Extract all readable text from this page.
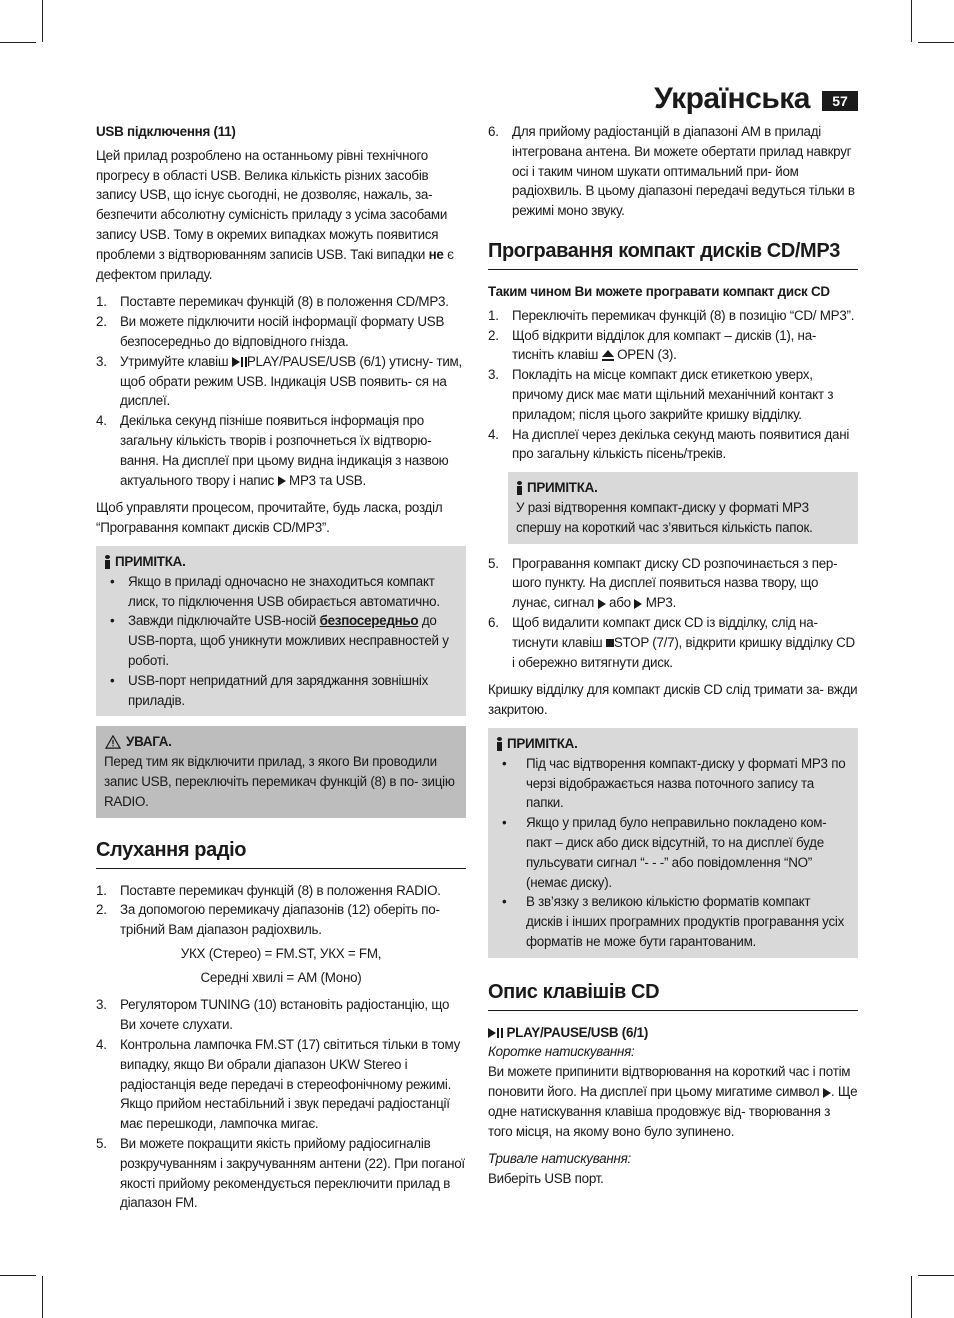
Українська	57

USB підключення (11)

Цей прилад розроблено на останньому рівні технічного прогресу в області USB. Велика кількість різних засобів запису USB, що існує сьогодні, не дозволяє, нажаль, за- безпечити абсолютну сумісність приладу з усіма засобами запису USB. Тому в окремих випадках можуть появитися проблеми з відтворюванням записів USB. Такі випадки не є дефектом приладу.

1. Поставте перемикач функцій (8) в положення CD/MP3.
2. Ви можете підключити носій інформації формату USB безпосередньо до відповідного гнізда.
3. Утримуйте клавіш PLAY/PAUSE/USB (6/1) утисну- тим, щоб обрати режим USB. Індикація USB появить- ся на дисплеї.
4. Декілька секунд пізніше появиться інформація про загальну кількість творів і розпочнеться їх відтворю- вання. На дисплеї при цьому видна індикація з назвою актуального твору і напис  MP3 та USB.

Щоб управляти процесом, прочитайте, будь ласка, розділ “Програвання компакт дисків CD/MP3”.

ПРИМІТКА.
• Якщо в приладі одночасно не знаходиться компакт лиск, то підключення USB обирається автоматично.
• Завжди підключайте USB-носій безпосередньо до USB-порта, щоб уникнути можливих несправностей у роботі.
• USB-порт непридатний для заряджання зовнішніх приладів.
УВАГА.
Перед тим як відключити прилад, з якого Ви проводили запис USB, переключіть перемикач функцій (8) в по- зицію RADIO.
Слухання радіо
1. Поставте перемикач функцій (8) в положення RADIO.
2. За допомогою перемикачу діапазонів (12) оберіть по- трібний Вам діапазон радіохвиль.
УКХ (Стерео) = FM.ST, УКХ = FM,
Середні хвилі = AM (Моно)
3. Регулятором TUNING (10) встановіть радіостанцію, що Ви хочете слухати.
4. Контрольна лампочка FM.ST (17) світиться тільки в тому випадку, якщо Ви обрали діапазон UKW Stereo і радіостанція веде передачі в стереофонічному режимі. Якщо прийом нестабільний і звук передачі радіостанції має перешкоди, лампочка мигає.
5. Ви можете покращити якість прийому радіосигналів розкручуванням і закручуванням антени (22). При поганої якості прийому рекомендується переключити прилад в діапазон FM.
6. Для прийому радіостанцій в діапазоні AM в приладі інтегрована антена. Ви можете обертати прилад навкруг осі і таким чином шукати оптимальний при- йом радіохвиль. В цьому діапазоні передачі ведуться тільки в режимі моно звуку.
Програвання компакт дисків CD/MP3

Таким чином Ви можете програвати компакт диск CD

1. Переключіть перемикач функцій (8) в позицію “CD/ MP3”.
2. Щоб відкрити відділок для компакт – дисків (1), на- тисніть клавіш  OPEN (3).
3. Покладіть на місце компакт диск етикеткою уверх, причому диск має мати щільний механічний контакт з приладом; після цього закрийте кришку відділку.
4. На дисплеї через декілька секунд мають появитися дані про загальну кількість пісень/треків.
ПРИМІТКА.
У разі відтворення компакт-диску у форматі MP3 спершу на короткий час з’явиться кількість папок.
5. Програвання компакт диску CD розпочинається з пер- шого пункту. На дисплеї появиться назва твору, що лунає, сигнал  або  MP3.
6. Щоб видалити компакт диск CD із відділку, слід на- тиснути клавіш STOP (7/7), відкрити кришку відділку CD і обережно витягнути диск.

Кришку відділку для компакт дисків CD слід тримати за- вжди закритою.

ПРИМІТКА.
• Під час відтворення компакт-диску у форматі MP3 по черзі відображається назва поточного запису та папки.
• Якщо у прилад було неправильно покладено ком- пакт – диск або диск відсутній, то на дисплеї буде пульсувати сигнал “- - -” або повідомлення “NO” (немає диску).
• В зв’язку з великою кількістю форматів компакт дисків і інших програмних продуктів програвання усіх форматів не може бути гарантованим.
Опис клавішів CD

PLAY/PAUSE/USB (6/1)

Коротке натискування:

Ви можете припинити відтворювання на короткий час і потім поновити його. На дисплеї при цьому мигатиме символ . Ще одне натискування клавіша продовжує від- творювання з того місця, на якому воно було зупинено.

Тривале натискування:
Виберіть USB порт.
